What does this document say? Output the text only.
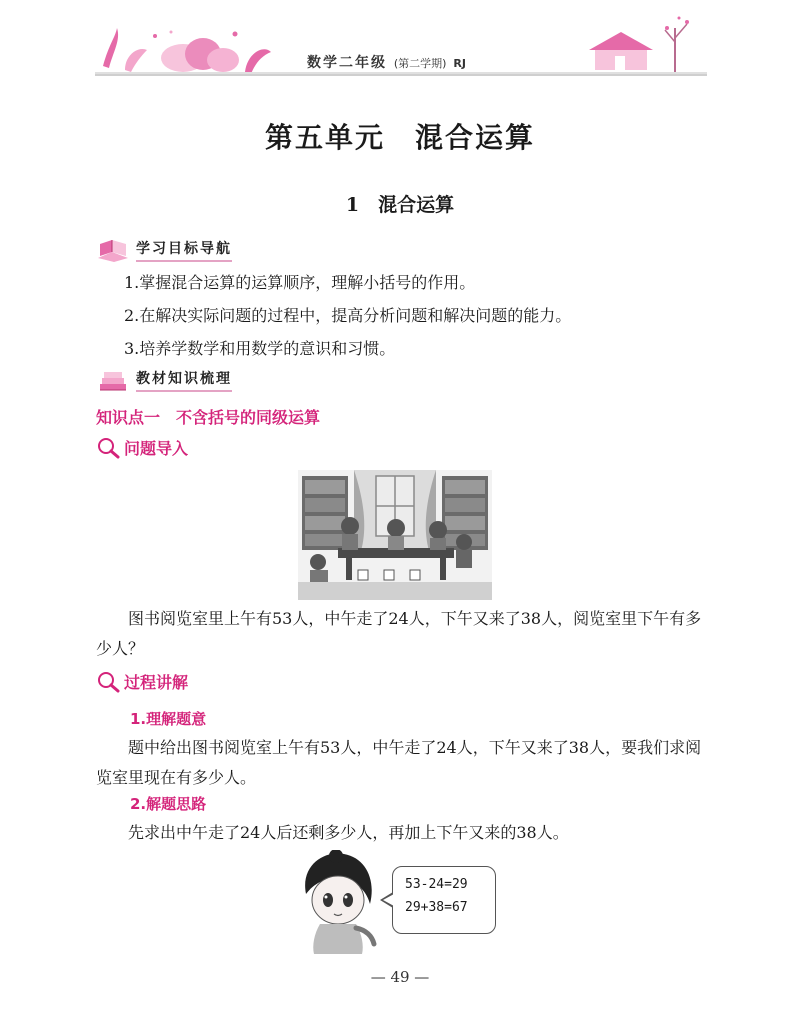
数学二年级 (第二学期) RJ
第五单元　混合运算
1　混合运算
学习目标导航
1.掌握混合运算的运算顺序，理解小括号的作用。
2.在解决实际问题的过程中，提高分析问题和解决问题的能力。
3.培养学数学和用数学的意识和习惯。
教材知识梳理
知识点一　不含括号的同级运算
问题导入
图书阅览室里上午有53人，中午走了24人，下午又来了38人，阅览室里下午有多少人？
过程讲解
1.理解题意
题中给出图书阅览室上午有53人，中午走了24人，下午又来了38人，要我们求阅览室里现在有多少人。
2.解题思路
先求出中午走了24人后还剩多少人，再加上下午又来的38人。
53-24=29
29+38=67
— 49 —
